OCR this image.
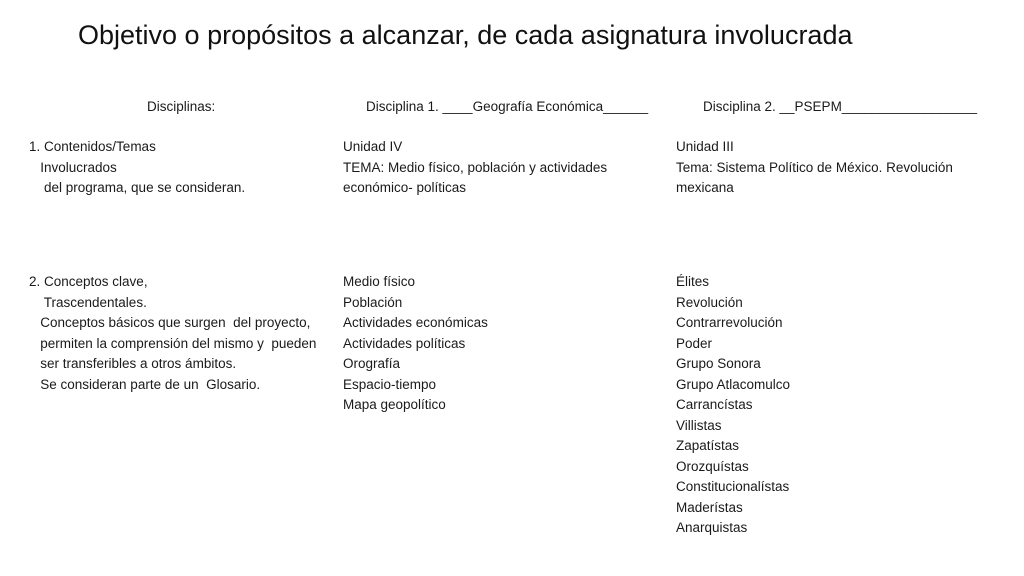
Objetivo o propósitos a alcanzar, de cada asignatura involucrada
Disciplinas:	Disciplina 1. ____Geografía Económica______	Disciplina 2. __PSEPM__________________
1. Contenidos/Temas
Involucrados
del programa, que se consideran.
Unidad IV
TEMA: Medio físico, población y actividades
económico- políticas
Unidad III
Tema: Sistema Político de México. Revolución
mexicana
2. Conceptos clave,
Trascendentales.
Conceptos básicos que surgen  del proyecto,
permiten la comprensión del mismo y  pueden
ser transferibles a otros ámbitos.
Se consideran parte de un  Glosario.
Medio físico
Población
Actividades económicas
Actividades políticas
Orografía
Espacio-tiempo
Mapa geopolítico
Élites
Revolución
Contrarrevolución
Poder
Grupo Sonora
Grupo Atlacomulco
Carrancístas
Villistas
Zapatístas
Orozquístas
Constitucionalístas
Maderístas
Anarquistas
